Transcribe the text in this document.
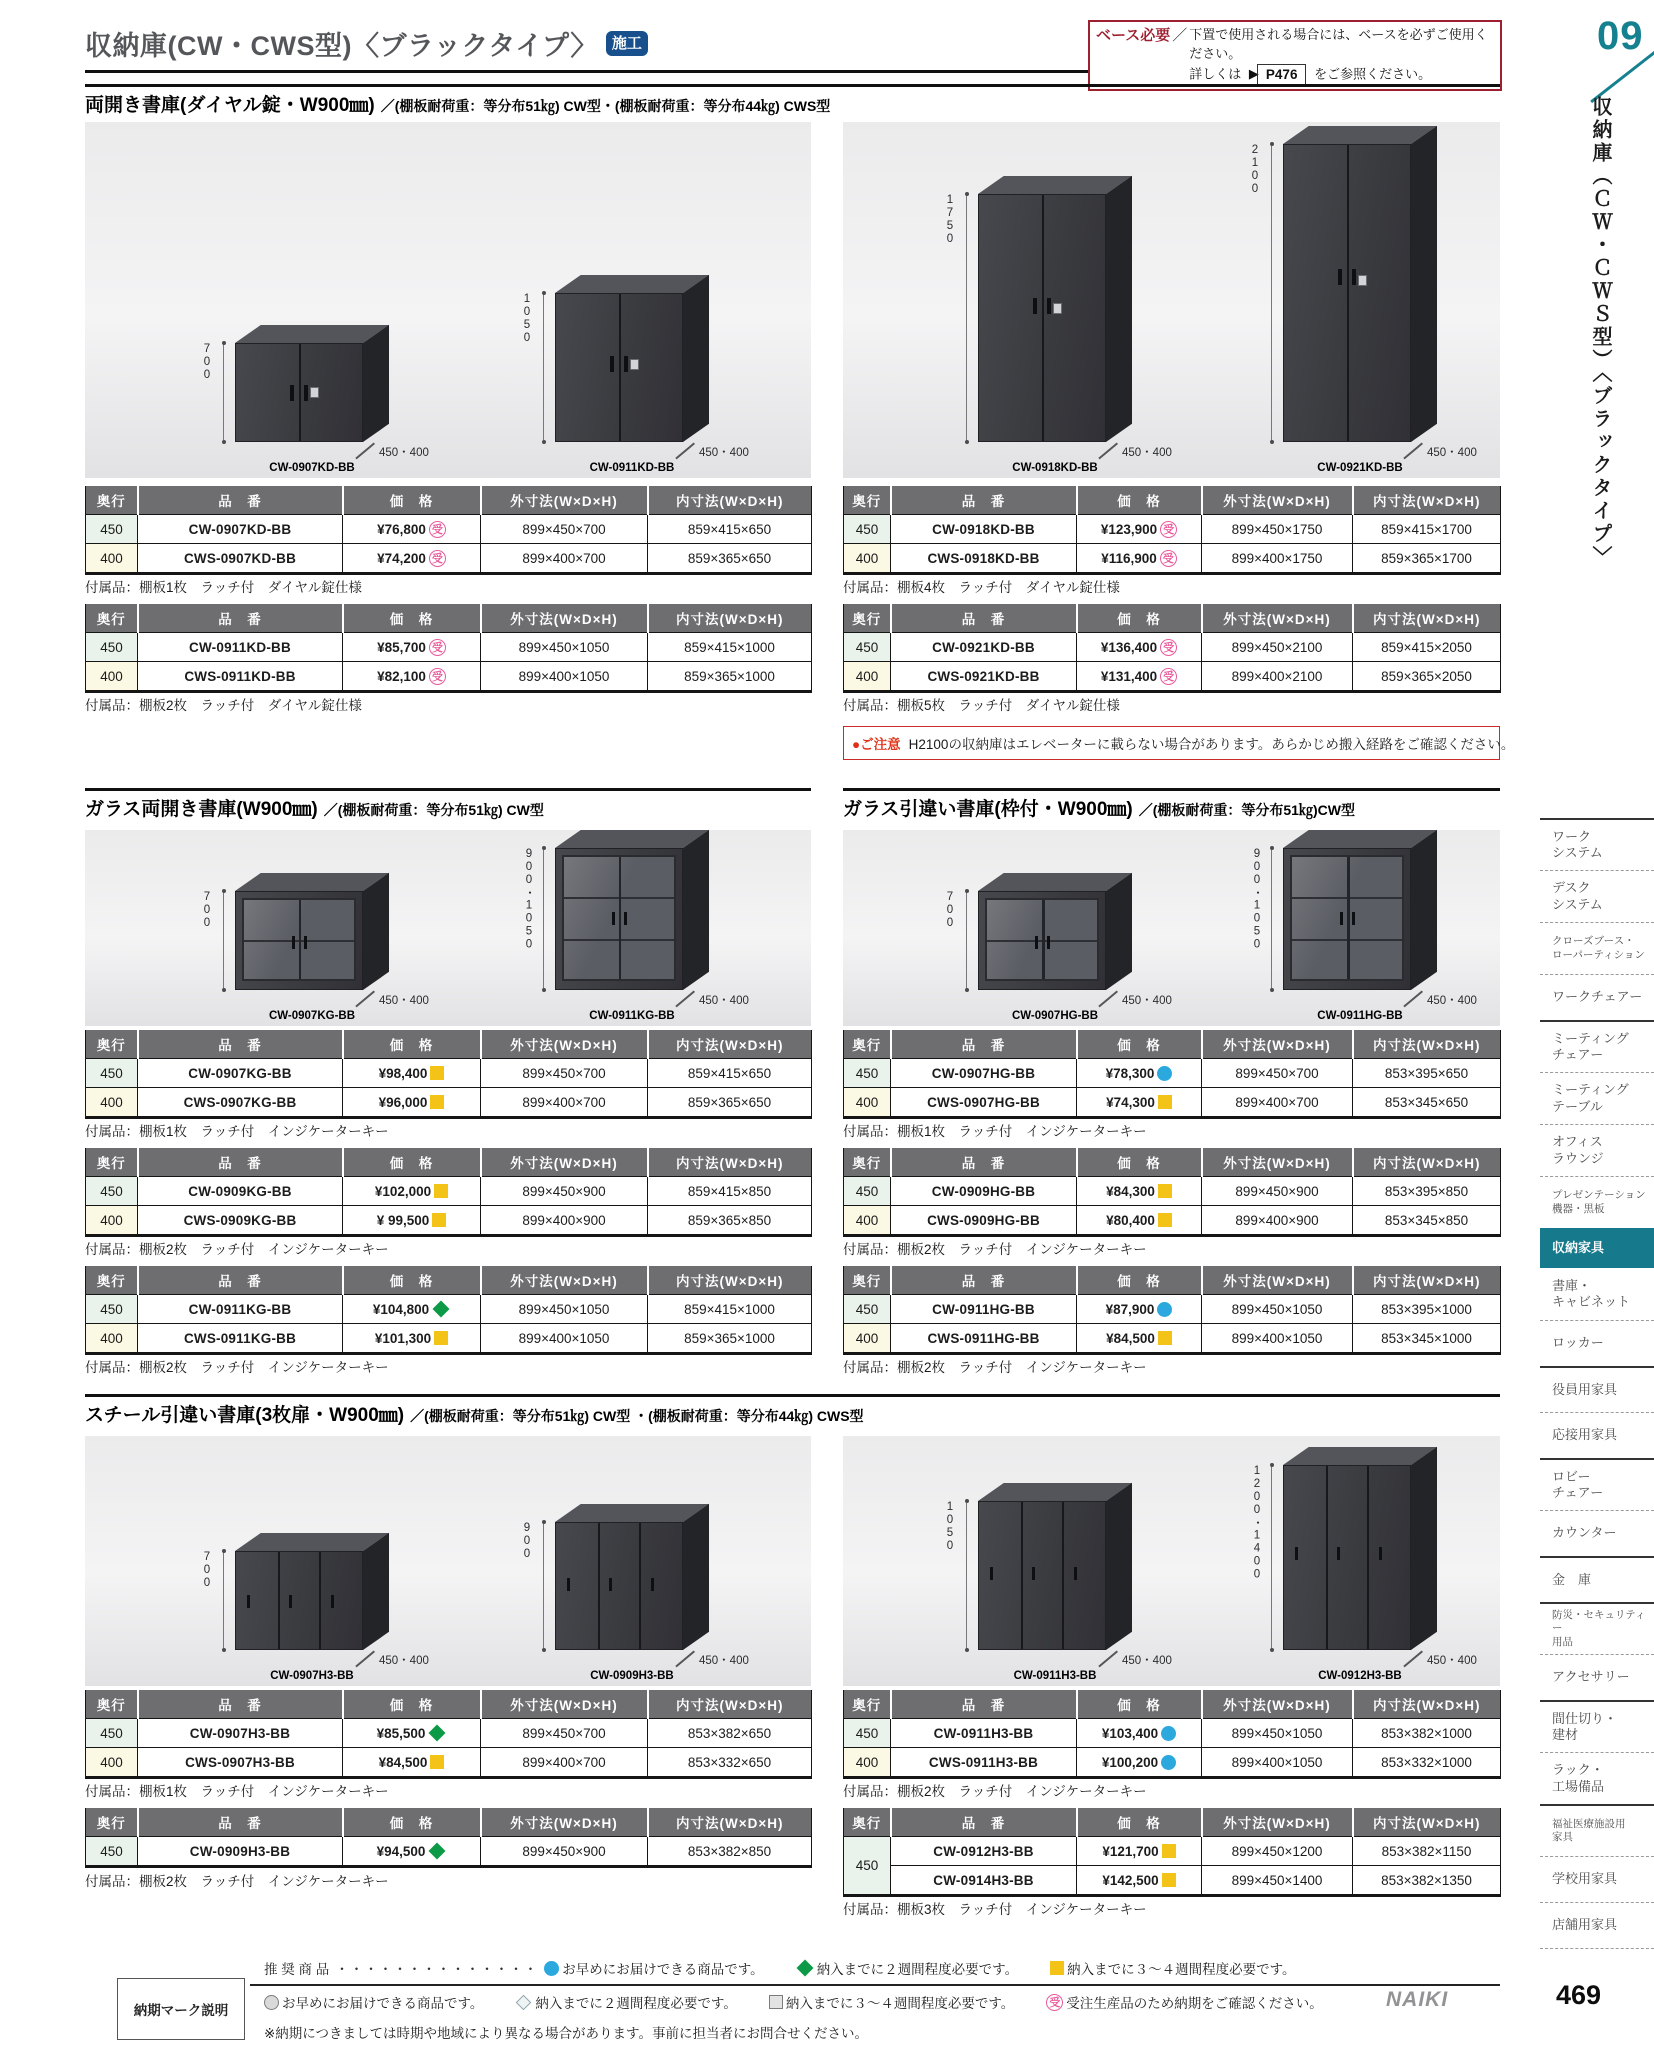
収納庫(CW・CWS型)〈ブラックタイプ〉 施工	ベース必要 ／ 下置で使用される場合には、ベースを必ずご使用ください。
詳しくは ▶ P476	をご参照ください。
両開き書庫(ダイヤル錠・W900㎜) ／(棚板耐荷重：等分布51㎏) CW型・(棚板耐荷重：等分布44㎏) CWS型
700
450・400
CW-0907KD-BB
1050
450・400
CW-0911KD-BB
奥行	品　番	価　格	外寸法(W×D×H)	内寸法(W×D×H)
450	CW-0907KD-BB	¥76,800 受	899×450×700	859×415×650
400	CWS-0907KD-BB	¥74,200 受	899×400×700	859×365×650
付属品：棚板1枚　ラッチ付　ダイヤル錠仕様
奥行	品　番	価　格	外寸法(W×D×H)	内寸法(W×D×H)
450	CW-0911KD-BB	¥85,700 受	899×450×1050	859×415×1000
400	CWS-0911KD-BB	¥82,100 受	899×400×1050	859×365×1000
付属品：棚板2枚　ラッチ付　ダイヤル錠仕様
1750
450・400
CW-0918KD-BB
2100
450・400
CW-0921KD-BB
奥行	品　番	価　格	外寸法(W×D×H)	内寸法(W×D×H)
450	CW-0918KD-BB	¥123,900 受	899×450×1750	859×415×1700
400	CWS-0918KD-BB	¥116,900 受	899×400×1750	859×365×1700
付属品：棚板4枚　ラッチ付　ダイヤル錠仕様
奥行	品　番	価　格	外寸法(W×D×H)	内寸法(W×D×H)
450	CW-0921KD-BB	¥136,400 受	899×450×2100	859×415×2050
400	CWS-0921KD-BB	¥131,400 受	899×400×2100	859×365×2050
付属品：棚板5枚　ラッチ付　ダイヤル錠仕様
●ご注意 H2100の収納庫はエレベーターに載らない場合があります。あらかじめ搬入経路をご確認ください。
ガラス両開き書庫(W900㎜) ／(棚板耐荷重：等分布51㎏) CW型
700
450・400
CW-0907KG-BB
900・1050
450・400
CW-0911KG-BB
奥行	品　番	価　格	外寸法(W×D×H)	内寸法(W×D×H)
450	CW-0907KG-BB	¥98,400	899×450×700	859×415×650
400	CWS-0907KG-BB	¥96,000	899×400×700	859×365×650
付属品：棚板1枚　ラッチ付　インジケーターキー
奥行	品　番	価　格	外寸法(W×D×H)	内寸法(W×D×H)
450	CW-0909KG-BB	¥102,000	899×450×900	859×415×850
400	CWS-0909KG-BB	¥ 99,500	899×400×900	859×365×850
付属品：棚板2枚　ラッチ付　インジケーターキー
奥行	品　番	価　格	外寸法(W×D×H)	内寸法(W×D×H)
450	CW-0911KG-BB	¥104,800	899×450×1050	859×415×1000
400	CWS-0911KG-BB	¥101,300	899×400×1050	859×365×1000
付属品：棚板2枚　ラッチ付　インジケーターキー
ガラス引違い書庫(枠付・W900㎜) ／(棚板耐荷重：等分布51㎏)CW型
700
450・400
CW-0907HG-BB
900・1050
450・400
CW-0911HG-BB
奥行	品　番	価　格	外寸法(W×D×H)	内寸法(W×D×H)
450	CW-0907HG-BB	¥78,300	899×450×700	853×395×650
400	CWS-0907HG-BB	¥74,300	899×400×700	853×345×650
付属品：棚板1枚　ラッチ付　インジケーターキー
奥行	品　番	価　格	外寸法(W×D×H)	内寸法(W×D×H)
450	CW-0909HG-BB	¥84,300	899×450×900	853×395×850
400	CWS-0909HG-BB	¥80,400	899×400×900	853×345×850
付属品：棚板2枚　ラッチ付　インジケーターキー
奥行	品　番	価　格	外寸法(W×D×H)	内寸法(W×D×H)
450	CW-0911HG-BB	¥87,900	899×450×1050	853×395×1000
400	CWS-0911HG-BB	¥84,500	899×400×1050	853×345×1000
付属品：棚板2枚　ラッチ付　インジケーターキー
スチール引違い書庫(3枚扉・W900㎜) ／(棚板耐荷重：等分布51㎏) CW型 ・(棚板耐荷重：等分布44㎏) CWS型
700
450・400
CW-0907H3-BB
900
450・400
CW-0909H3-BB
奥行	品　番	価　格	外寸法(W×D×H)	内寸法(W×D×H)
450	CW-0907H3-BB	¥85,500	899×450×700	853×382×650
400	CWS-0907H3-BB	¥84,500	899×400×700	853×332×650
付属品：棚板1枚　ラッチ付　インジケーターキー
奥行	品　番	価　格	外寸法(W×D×H)	内寸法(W×D×H)
450	CW-0909H3-BB	¥94,500	899×450×900	853×382×850
付属品：棚板2枚　ラッチ付　インジケーターキー
1050
450・400
CW-0911H3-BB
1200・1400
450・400
CW-0912H3-BB
奥行	品　番	価　格	外寸法(W×D×H)	内寸法(W×D×H)
450	CW-0911H3-BB	¥103,400	899×450×1050	853×382×1000
400	CWS-0911H3-BB	¥100,200	899×400×1050	853×332×1000
付属品：棚板2枚　ラッチ付　インジケーターキー
奥行	品　番	価　格	外寸法(W×D×H)	内寸法(W×D×H)
450	CW-0912H3-BB	¥121,700	899×450×1200	853×382×1150
	CW-0914H3-BB	¥142,500	899×450×1400	853×382×1350
付属品：棚板3枚　ラッチ付　インジケーターキー
09
収納庫（ＣＷ・ＣＷＳ型）〈ブラックタイプ〉
ワーク
システム
デスク
システム
クローズブース・
ローパーティション
ワークチェアー
ミーティング
チェアー
ミーティング
テーブル
オフィス
ラウンジ
プレゼンテーション
機器・黒板
収納家具
書庫・
キャビネット
ロッカー
役員用家具
応接用家具
ロビー
チェアー
カウンター
金　庫
防災・セキュリティー
用品
アクセサリー
間仕切り・
建材
ラック・
工場備品
福祉医療施設用
家具
学校用家具
店舗用家具
納期マーク説明
推 奨 商 品 ・・・・・・・・・・・・・・ お早めにお届けできる商品です。	納入までに２週間程度必要です。	納入までに３～４週間程度必要です。
お早めにお届けできる商品です。	納入までに２週間程度必要です。	納入までに３～４週間程度必要です。	受 受注生産品のため納期をご確認ください。
※納期につきましては時期や地域により異なる場合があります。事前に担当者にお問合せください。
NAIKI	469
